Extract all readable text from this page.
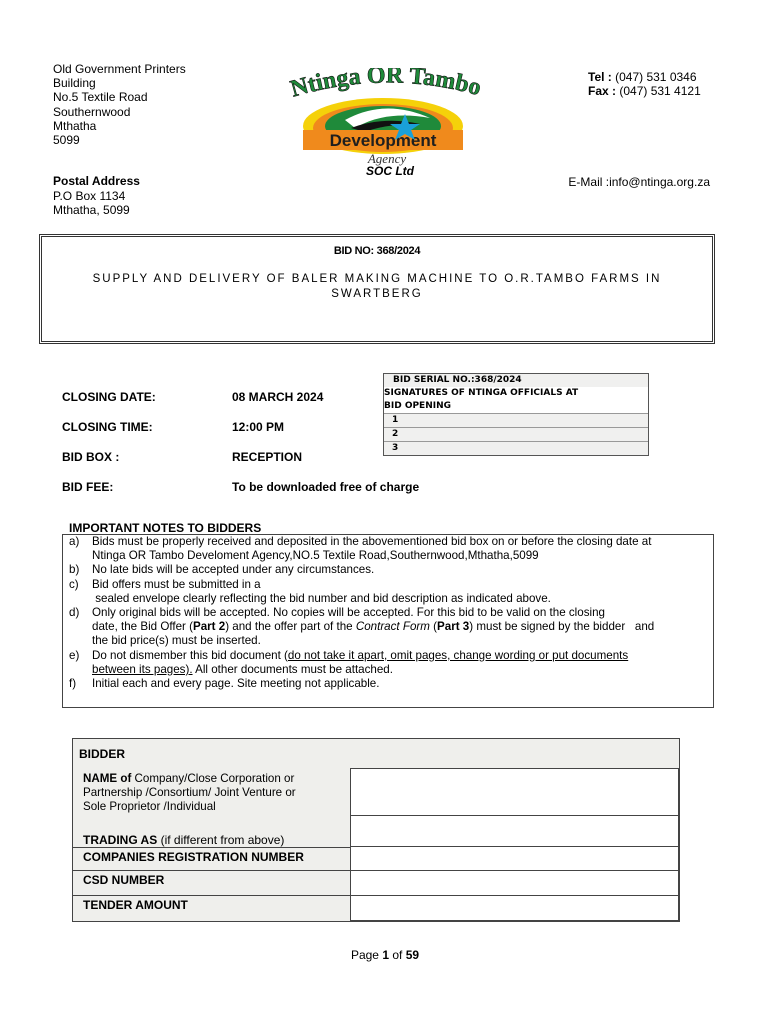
Old Government Printers
Building
No.5 Textile Road
Southernwood
Mthatha
5099
Ntinga OR Tambo
Development
Agency
SOC Ltd
Tel : (047) 531 0346
Fax : (047) 531 4121
E-Mail :info@ntinga.org.za
Postal Address
P.O Box 1134
Mthatha, 5099
BID NO: 368/2024
SUPPLY AND DELIVERY OF BALER MAKING MACHINE TO O.R.TAMBO FARMS IN SWARTBERG
CLOSING DATE:	08 MARCH 2024
CLOSING TIME:	12:00 PM
BID BOX :	RECEPTION
BID FEE:	To be downloaded free of charge
BID SERIAL NO.:368/2024
SIGNATURES OF NTINGA OFFICIALS AT
BID OPENING
1
2
3
IMPORTANT NOTES TO BIDDERS
a) Bids must be properly received and deposited in the abovementioned bid box on or before the closing date at
Ntinga OR Tambo Develoment Agency,NO.5 Textile Road,Southernwood,Mthatha,5099
b) No late bids will be accepted under any circumstances.
c) Bid offers must be submitted in a
sealed envelope clearly reflecting the bid number and bid description as indicated above.
d) Only original bids will be accepted. No copies will be accepted. For this bid to be valid on the closing
date, the Bid Offer (Part 2) and the offer part of the Contract Form (Part 3) must be signed by the bidder   and
the bid price(s) must be inserted.
e) Do not dismember this bid document (do not take it apart, omit pages, change wording or put documents
between its pages). All other documents must be attached.
f) Initial each and every page. Site meeting not applicable.
BIDDER
NAME of Company/Close Corporation or
Partnership /Consortium/ Joint Venture or
Sole Proprietor /Individual
TRADING AS (if different from above)
COMPANIES REGISTRATION NUMBER
CSD NUMBER
TENDER AMOUNT
Page 1 of 59
